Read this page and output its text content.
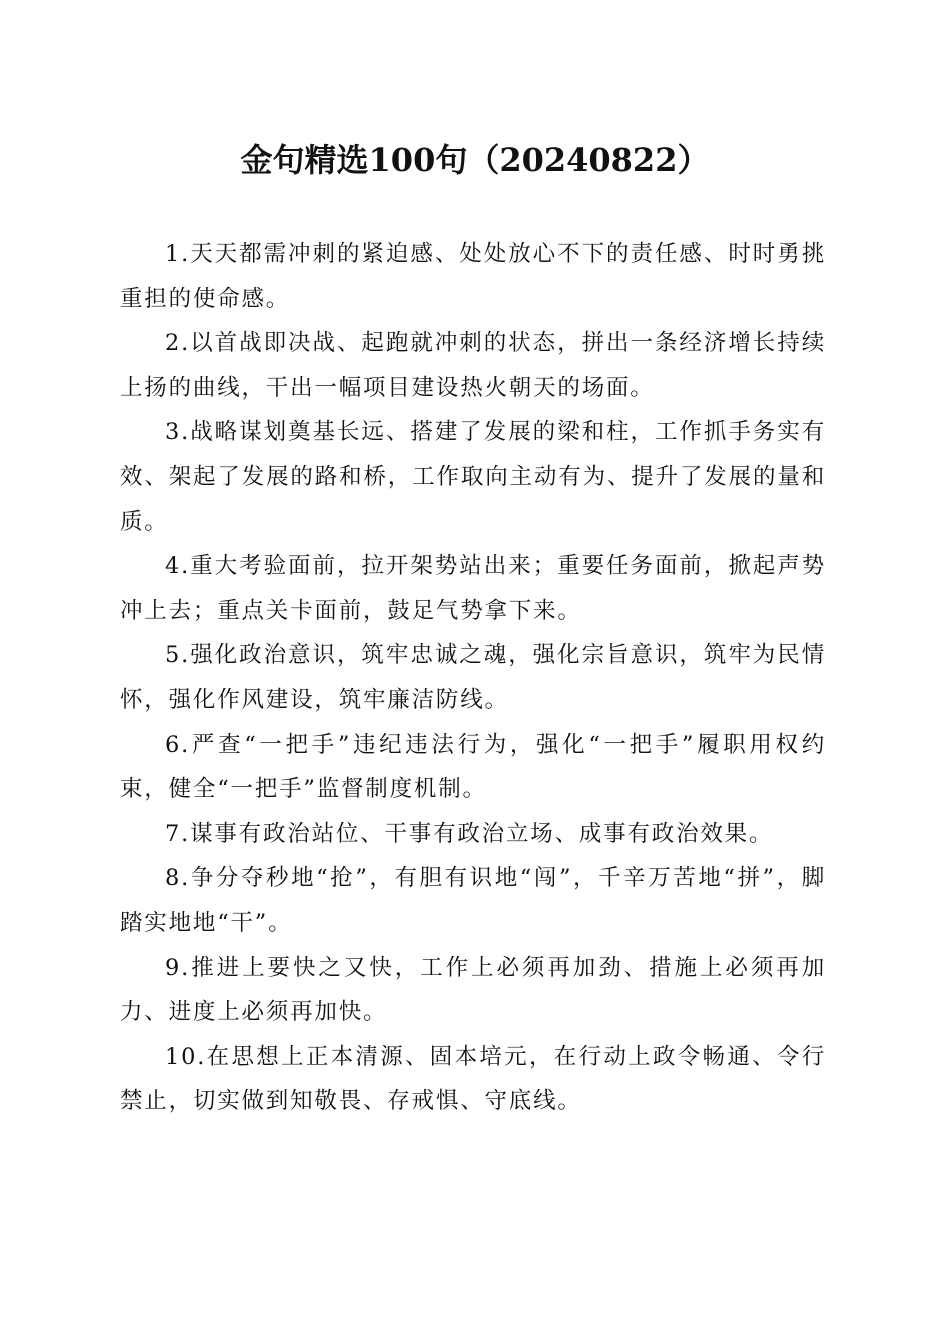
金句精选100句（20240822）

1.天天都需冲刺的紧迫感、处处放心不下的责任感、时时勇挑重担的使命感。

2.以首战即决战、起跑就冲刺的状态，拼出一条经济增长持续上扬的曲线，干出一幅项目建设热火朝天的场面。

3.战略谋划奠基长远、搭建了发展的梁和柱，工作抓手务实有效、架起了发展的路和桥，工作取向主动有为、提升了发展的量和质。

4.重大考验面前，拉开架势站出来；重要任务面前，掀起声势冲上去；重点关卡面前，鼓足气势拿下来。

5.强化政治意识，筑牢忠诚之魂，强化宗旨意识，筑牢为民情怀，强化作风建设，筑牢廉洁防线。

6.严查“一把手”违纪违法行为，强化“一把手”履职用权约束，健全“一把手”监督制度机制。

7.谋事有政治站位、干事有政治立场、成事有政治效果。

8.争分夺秒地“抢”，有胆有识地“闯”，千辛万苦地“拼”，脚踏实地地“干”。

9.推进上要快之又快，工作上必须再加劲、措施上必须再加力、进度上必须再加快。

10.在思想上正本清源、固本培元，在行动上政令畅通、令行禁止，切实做到知敬畏、存戒惧、守底线。
